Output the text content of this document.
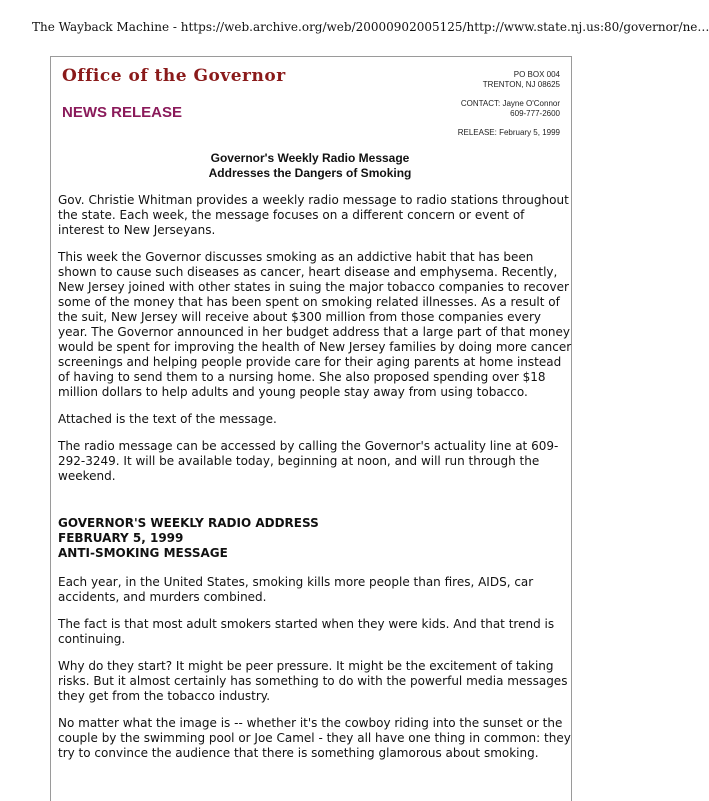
The Wayback Machine - https://web.archive.org/web/20000902005125/http://www.state.nj.us:80/governor/ne…
Office of the Governor
NEWS RELEASE
PO BOX 004
TRENTON, NJ 08625
CONTACT: Jayne O'Connor
609-777-2600
RELEASE: February 5, 1999
Governor's Weekly Radio Message
Addresses the Dangers of Smoking

Gov. Christie Whitman provides a weekly radio message to radio stations throughout the state. Each week, the message focuses on a different concern or event of interest to New Jerseyans.

This week the Governor discusses smoking as an addictive habit that has been shown to cause such diseases as cancer, heart disease and emphysema. Recently, New Jersey joined with other states in suing the major tobacco companies to recover some of the money that has been spent on smoking related illnesses. As a result of the suit, New Jersey will receive about $300 million from those companies every year. The Governor announced in her budget address that a large part of that money would be spent for improving the health of New Jersey families by doing more cancer screenings and helping people provide care for their aging parents at home instead of having to send them to a nursing home. She also proposed spending over $18 million dollars to help adults and young people stay away from using tobacco.

Attached is the text of the message.

The radio message can be accessed by calling the Governor's actuality line at 609-292-3249. It will be available today, beginning at noon, and will run through the weekend.

GOVERNOR'S WEEKLY RADIO ADDRESS
FEBRUARY 5, 1999
ANTI-SMOKING MESSAGE

Each year, in the United States, smoking kills more people than fires, AIDS, car accidents, and murders combined.

The fact is that most adult smokers started when they were kids. And that trend is continuing.

Why do they start? It might be peer pressure. It might be the excitement of taking risks. But it almost certainly has something to do with the powerful media messages they get from the tobacco industry.

No matter what the image is -- whether it's the cowboy riding into the sunset or the couple by the swimming pool or Joe Camel - they all have one thing in common: they try to convince the audience that there is something glamorous about smoking.
